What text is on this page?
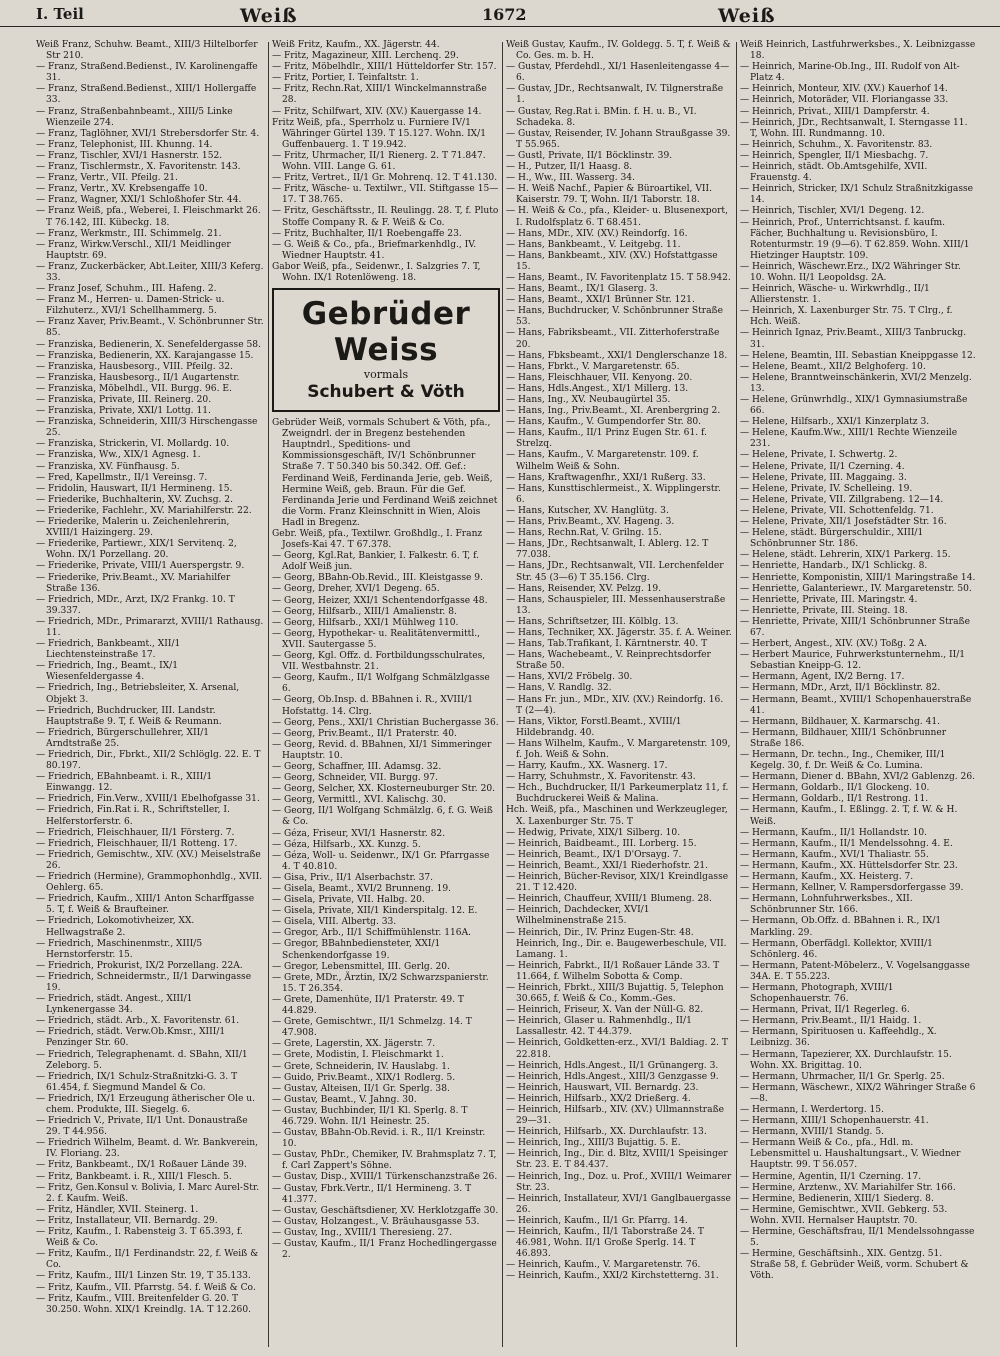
I. Teil	Weiß	1672	Weiß

Weiß Franz, Schuhw. Beamt., XIII/3 Hiltelborfer Str 210.

— Franz, Straßend.Bedienst., IV. Karolinengaffe 31.

— Franz, Straßend.Bedienst., XIII/1 Hollergaffe 33.

— Franz, Straßenbahnbeamt., XIII/5 Linke Wienzeile 274.

— Franz, Taglöhner, XVI/1 Strebersdorfer Str. 4.

— Franz, Telephonist, III. Khunng. 14.

— Franz, Tischler, XVI/1 Hasnerstr. 152.

— Franz, Tischlermstr., X. Favoritenstr. 143.

— Franz, Vertr., VII. Pfeilg. 21.

— Franz, Vertr., XV. Krebsengaffe 10.

— Franz, Wagner, XXI/1 Schloßhofer Str. 44.

— Franz Weiß, pfa., Weberei, I. Fleischmarkt 26. T 76.142, III. Kübeckg. 18.

— Franz, Werkmstr., III. Schimmelg. 21.

— Franz, Wirkw.Verschl., XII/1 Meidlinger Hauptstr. 69.

— Franz, Zuckerbäcker, Abt.Leiter, XIII/3 Keferg. 33.

— Franz Josef, Schuhm., III. Hafeng. 2.

— Franz M., Herren- u. Damen-Strick- u. Filzhuterz., XVI/1 Schellhammerg. 5.

— Franz Xaver, Priv.Beamt., V. Schönbrunner Str. 85.

— Franziska, Bedienerin, X. Senefeldergasse 58.

— Franziska, Bedienerin, XX. Karajangasse 15.

— Franziska, Hausbesorg., VIII. Pfeilg. 32.

— Franziska, Hausbesorg., II/1 Augartenstr.

— Franziska, Möbelhdl., VII. Burgg. 96. E.

— Franziska, Private, III. Reinerg. 20.

— Franziska, Private, XXI/1 Lottg. 11.

— Franziska, Schneiderin, XIII/3 Hirschengasse 25.

— Franziska, Strickerin, VI. Mollardg. 10.

— Franziska, Ww., XIX/1 Agnesg. 1.

— Franziska, XV. Fünfhausg. 5.

— Fred, Kapellmstr., II/1 Vereinsg. 7.

— Fridolin, Hauswart, II/1 Hermineng. 15.

— Friederike, Buchhalterin, XV. Zuchsg. 2.

— Friederike, Fachlehr., XV. Mariahilferstr. 22.

— Friederike, Malerin u. Zeichenlehrerin, XVIII/1 Haizingerg. 29.

— Friederike, Partiewr., XIX/1 Servitenq. 2, Wohn. IX/1 Porzellang. 20.

— Friederike, Private, VIII/1 Auerspergstr. 9.

— Friederike, Priv.Beamt., XV. Mariahilfer Straße 136.

— Friedrich, MDr., Arzt, IX/2 Frankg. 10. T 39.337.

— Friedrich, MDr., Primararzt, XVIII/1 Rathausg. 11.

— Friedrich, Bankbeamt., XII/1 Liechtensteinstraße 17.

— Friedrich, Ing., Beamt., IX/1 Wiesenfeldergasse 4.

— Friedrich, Ing., Betriebsleiter, X. Arsenal, Objekt 3.

— Friedrich, Buchdrucker, III. Landstr. Hauptstraße 9. T, f. Weiß & Reumann.

— Friedrich, Bürgerschullehrer, XII/1 Arndtstraße 25.

— Friedrich, Dir., Fbrkt., XII/2 Schlöglg. 22. E. T 80.197.

— Friedrich, EBahnbeamt. i. R., XIII/1 Einwangg. 12.

— Friedrich, Fin.Verw., XVIII/1 Ebelhofgasse 31.

— Friedrich, Fin.Rat i. R., Schriftsteller, I. Helferstorferstr. 6.

— Friedrich, Fleischhauer, II/1 Försterg. 7.

— Friedrich, Fleischhauer, II/1 Rotteng. 17.

— Friedrich, Gemischtw., XIV. (XV.) Meiselstraße 26.

— Friedrich (Hermine), Grammophonhdlg., XVII. Oehlerg. 65.

— Friedrich, Kaufm., XIII/1 Anton Scharffgasse 5. T, f. Weiß & Braufteiner.

— Friedrich, Lokomotivheizer, XX. Hellwagstraße 2.

— Friedrich, Maschinenmstr., XIII/5 Hernstorferstr. 15.

— Friedrich, Prokurist, IX/2 Porzellang. 22A.

— Friedrich, Schneidermstr., II/1 Darwingasse 19.

— Friedrich, städt. Angest., XIII/1 Lynkenergasse 34.

— Friedrich, städt. Arb., X. Favoritenstr. 61.

— Friedrich, städt. Verw.Ob.Kmsr., XIII/1 Penzinger Str. 60.

— Friedrich, Telegraphenamt. d. SBahn, XII/1 Zeleborg. 5.

— Friedrich, IX/1 Schulz-Straßnitzki-G. 3. T 61.454, f. Siegmund Mandel & Co.

— Friedrich, IX/1 Erzeugung ätherischer Ole u. chem. Produkte, III. Siegelg. 6.

— Friedrich V., Private, II/1 Unt. Donaustraße 29. T 44.956.

— Friedrich Wilhelm, Beamt. d. Wr. Bankverein, IV. Floriang. 23.

— Fritz, Bankbeamt., IX/1 Roßauer Lände 39.

— Fritz, Bankbeamt. i. R., XIII/1 Flesch. 5.

— Fritz, Gen.Konsul v. Bolivia, I. Marc Aurel-Str. 2. f. Kaufm. Weiß.

— Fritz, Händler, XVII. Steinerg. 1.

— Fritz, Installateur, VII. Bernardg. 29.

— Fritz, Kaufm., I. Rabensteig 3. T 65.393, f. Weiß & Co.

— Fritz, Kaufm., II/1 Ferdinandstr. 22, f. Weiß & Co.

— Fritz, Kaufm., III/1 Linzen Str. 19, T 35.133.

— Fritz, Kaufm., VII. Pfarrstg. 54. f. Weiß & Co.

— Fritz, Kaufm., VIII. Breitenfelder G. 20. T 30.250. Wohn. XIX/1 Kreindlg. 1A. T 12.260.

Weiß Fritz, Kaufm., XX. Jägerstr. 44.

— Fritz, Magazineur, XIII. Lerchenq. 29.

— Fritz, Möbelhdlr., XIII/1 Hütteldorfer Str. 157.

— Fritz, Portier, I. Teinfaltstr. 1.

— Fritz, Rechn.Rat, XIII/1 Winckelmannstraße 28.

— Fritz, Schilfwart, XIV. (XV.) Kauergasse 14.

Fritz Weiß, pfa., Sperrholz u. Furniere IV/1 Währinger Gürtel 139. T 15.127. Wohn. IX/1 Guffenbauerg. 1. T 19.942.

— Fritz, Uhrmacher, II/1 Rienerg. 2. T 71.847. Wohn. VIII. Lange G. 61.

— Fritz, Vertret., II/1 Gr. Mohrenq. 12. T 41.130.

— Fritz, Wäsche- u. Textilwr., VII. Stiftgasse 15—17. T 38.765.

— Fritz, Geschäftsstr., II. Reulingg. 28. T, f. Pluto Stoffe Company R. & F. Weiß & Co.

— Fritz, Buchhalter, II/1 Roebengaffe 23.

— G. Weiß & Co., pfa., Briefmarkenhdlg., IV. Wiedner Hauptstr. 41.

Gabor Weiß, pfa., Seidenwr., I. Salzgries 7. T, Wohn. IX/1 Rotenlöweng. 18.

Gebrüder Weiss
vormals
Schubert & Vöth

Gebrüder Weiß, vormals Schubert & Vöth, pfa., Zweigndrl. der in Bregenz bestehenden Hauptndrl., Speditions- und Kommissionsgeschäft, IV/1 Schönbrunner Straße 7. T 50.340 bis 50.342. Off. Gef.: Ferdinand Weiß, Ferdinanda Jerie, geb. Weiß, Hermine Weiß, geb. Braun. Für die Gef. Ferdinanda Jerie und Ferdinand Weiß zeichnet die Vorm. Franz Kleinschnitt in Wien, Alois Hadl in Bregenz.

Gebr. Weiß, pfa., Textilwr. Großhdlg., I. Franz Josefs-Kai 47. T 67.378.

— Georg, Kgl.Rat, Bankier, I. Falkestr. 6. T, f. Adolf Weiß jun.

— Georg, BBahn-Ob.Revid., III. Kleistgasse 9.

— Georg, Dreher, XVI/1 Degeng. 65.

— Georg, Heizer, XXI/1 Schentendorfgasse 48.

— Georg, Hilfsarb., XIII/1 Amalienstr. 8.

— Georg, Hilfsarb., XXI/1 Mühlweg 110.

— Georg, Hypothekar- u. Realitätenvermittl., XVII. Sautergasse 5.

— Georg, Kgl. Offz. d. Fortbildungsschulrates, VII. Westbahnstr. 21.

— Georg, Kaufm., II/1 Wolfgang Schmälzlgasse 6.

— Georg, Ob.Insp. d. BBahnen i. R., XVIII/1 Hofstattg. 14. Clrg.

— Georg, Pens., XXI/1 Christian Buchergasse 36.

— Georg, Priv.Beamt., II/1 Praterstr. 40.

— Georg, Revid. d. BBahnen, XI/1 Simmeringer Hauptstr. 10.

— Georg, Schaffner, III. Adamsg. 32.

— Georg, Schneider, VII. Burgg. 97.

— Georg, Selcher, XX. Klosterneuburger Str. 20.

— Georg, Vermittl., XVI. Kalischg. 30.

— Georg, II/1 Wolfgang Schmälzlg. 6, f. G. Weiß & Co.

— Géza, Friseur, XVI/1 Hasnerstr. 82.

— Géza, Hilfsarb., XX. Kunzg. 5.

— Géza, Woll- u. Seidenwr., IX/1 Gr. Pfarrgasse 4. T 40.810.

— Gisa, Priv., II/1 Alserbachstr. 37.

— Gisela, Beamt., XVI/2 Brunneng. 19.

— Gisela, Private, VII. Halbg. 20.

— Gisela, Private, XII/1 Kinderspitalg. 12. E.

— Gisela, VIII. Albertg. 33.

— Gregor, Arb., II/1 Schiffmühlenstr. 116A.

— Gregor, BBahnbediensteter, XXI/1 Schenkendorfgasse 19.

— Gregor, Lebensmittel, III. Gerlg. 20.

— Grete, MDr., Ärztin, IX/2 Schwarzspanierstr. 15. T 26.354.

— Grete, Damenhüte, II/1 Praterstr. 49. T 44.829.

— Grete, Gemischtwr., II/1 Schmelzg. 14. T 47.908.

— Grete, Lagerstin, XX. Jägerstr. 7.

— Grete, Modistin, I. Fleischmarkt 1.

— Grete, Schneiderin, IV. Hauslabg. 1.

— Guido, Priv.Beamt., XIX/1 Rodlerg. 5.

— Gustav, Alteisen, II/1 Gr. Sperlg. 38.

— Gustav, Beamt., V. Jahng. 30.

— Gustav, Buchbinder, II/1 Kl. Sperlg. 8. T 46.729. Wohn. II/1 Heinestr. 25.

— Gustav, BBahn-Ob.Revid. i. R., II/1 Kreinstr. 10.

— Gustav, PhDr., Chemiker, IV. Brahmsplatz 7. T, f. Carl Zappert's Söhne.

— Gustav, Disp., XVIII/1 Türkenschanzstraße 26.

— Gustav, Fbrk.Vertr., II/1 Hermineng. 3. T 41.377.

— Gustav, Geschäftsdiener, XV. Herklotzgaffe 30.

— Gustav, Holzangest., V. Bräuhausgasse 53.

— Gustav, Ing., XVIII/1 Theresieng. 27.

— Gustav, Kaufm., II/1 Franz Hochedlingergasse 2.

Weiß Gustav, Kaufm., IV. Goldegg. 5. T, f. Weiß & Co. Ges. m. b. H.

— Gustav, Pferdehdl., XI/1 Hasenleitengasse 4—6.

— Gustav, JDr., Rechtsanwalt, IV. Tilgnerstraße 1.

— Gustav, Reg.Rat i. BMin. f. H. u. B., VI. Schadeka. 8.

— Gustav, Reisender, IV. Johann Straußgasse 39. T 55.965.

— Gustl, Private, II/1 Böcklinstr. 39.

— H., Putzer, II/1 Haasg. 8.

— H., Ww., III. Wasserg. 34.

— H. Weiß Nachf., Papier & Büroartikel, VII. Kaiserstr. 79. T, Wohn. II/1 Taborstr. 18.

— H. Weiß & Co., pfa., Kleider- u. Blusenexport, I. Rudolfsplatz 6. T 68.451.

— Hans, MDr., XIV. (XV.) Reindorfg. 16.

— Hans, Bankbeamt., V. Leitgebg. 11.

— Hans, Bankbeamt., XIV. (XV.) Hofstattgasse 15.

— Hans, Beamt., IV. Favoritenplatz 15. T 58.942.

— Hans, Beamt., IX/1 Glaserg. 3.

— Hans, Beamt., XXI/1 Brünner Str. 121.

— Hans, Buchdrucker, V. Schönbrunner Straße 53.

— Hans, Fabriksbeamt., VII. Zitterhoferstraße 20.

— Hans, Fbksbeamt., XXI/1 Denglerschanze 18.

— Hans, Fbrkt., V. Margaretenstr. 65.

— Hans, Fleischhauer, VII. Kenyong. 20.

— Hans, Hdls.Angest., XI/1 Millerg. 13.

— Hans, Ing., XV. Neubaugürtel 35.

— Hans, Ing., Priv.Beamt., XI. Arenbergring 2.

— Hans, Kaufm., V. Gumpendorfer Str. 80.

— Hans, Kaufm., II/1 Prinz Eugen Str. 61. f. Strelzq.

— Hans, Kaufm., V. Margaretenstr. 109. f. Wilhelm Weiß & Sohn.

— Hans, Kraftwagenfhr., XXI/1 Rußerg. 33.

— Hans, Kunsttischlermeist., X. Wipplingerstr. 6.

— Hans, Kutscher, XV. Hanglütg. 3.

— Hans, Priv.Beamt., XV. Hageng. 3.

— Hans, Rechn.Rat, V. Grilng. 15.

— Hans, JDr., Rechtsanwalt, I. Ablerg. 12. T 77.038.

— Hans, JDr., Rechtsanwalt, VII. Lerchenfelder Str. 45 (3—6) T 35.156. Clrg.

— Hans, Reisender, XV. Pelzg. 19.

— Hans, Schauspieler, III. Messenhauserstraße 13.

— Hans, Schriftsetzer, III. Kölblg. 13.

— Hans, Techniker, XX. Jägerstr. 35. f. A. Weiner.

— Hans, Tab.Trafikant, I. Kärntnerstr. 40. T

— Hans, Wachebeamt., V. Reinprechtsdorfer Straße 50.

— Hans, XVI/2 Fröbelg. 30.

— Hans, V. Randlg. 32.

— Hans Fr. jun., MDr., XIV. (XV.) Reindorfg. 16. T (2—4).

— Hans, Viktor, Forstl.Beamt., XVIII/1 Hildebrandg. 40.

— Hans Wilhelm, Kaufm., V. Margaretenstr. 109, f. Joh. Weiß & Sohn.

— Harry, Kaufm., XX. Wasnerg. 17.

— Harry, Schuhmstr., X. Favoritenstr. 43.

— Hch., Buchdrucker, II/1 Parkeumerplatz 11, f. Buchdruckerei Weiß & Malina.

Hch. Weiß, pfa., Maschinen und Werkzeugleger, X. Laxenburger Str. 75. T

— Hedwig, Private, XIX/1 Silberg. 10.

— Heinrich, Baidbeamt., III. Lorberg. 15.

— Heinrich, Beamt., IX/1 D'Orsayg. 7.

— Heinrich, Beamt., XXI/1 Riederhofstr. 21.

— Heinrich, Bücher-Revisor, XIX/1 Kreindlgasse 21. T 12.420.

— Heinrich, Chauffeur, XVIII/1 Blumeng. 28.

— Heinrich, Dachdecker, XVI/1 Wilhelminenstraße 215.

— Heinrich, Dir., IV. Prinz Eugen-Str. 48. Heinrich, Ing., Dir. e. Baugewerbeschule, VII. Lamang. 1.

— Heinrich, Fabrkt., II/1 Roßauer Lände 33. T 11.664, f. Wilhelm Sobotta & Comp.

— Heinrich, Fbrkt., XIII/3 Bujattig. 5, Telephon 30.665, f. Weiß & Co., Komm.-Ges.

— Heinrich, Friseur, X. Van der Nüll-G. 82.

— Heinrich, Glaser u. Rahmenhdlg., II/1 Lassallestr. 42. T 44.379.

— Heinrich, Goldketten-erz., XVI/1 Baldiag. 2. T 22.818.

— Heinrich, Hdls.Angest., II/1 Grünangerg. 3.

— Heinrich, Hdls.Angest., XIII/3 Genzgasse 9.

— Heinrich, Hauswart, VII. Bernardg. 23.

— Heinrich, Hilfsarb., XX/2 Drießerg. 4.

— Heinrich, Hilfsarb., XIV. (XV.) Ullmannstraße 29—31.

— Heinrich, Hilfsarb., XX. Durchlaufstr. 13.

— Heinrich, Ing., XIII/3 Bujattig. 5. E.

— Heinrich, Ing., Dir. d. Bltz, XVIII/1 Speisinger Str. 23. E. T 84.437.

— Heinrich, Ing., Doz. u. Prof., XVIII/1 Weimarer Str. 23.

— Heinrich, Installateur, XVI/1 Ganglbauergasse 26.

— Heinrich, Kaufm., II/1 Gr. Pfarrg. 14.

— Heinrich, Kaufm., II/1 Taborstraße 24. T 46.981, Wohn. II/1 Große Sperlg. 14. T 46.893.

— Heinrich, Kaufm., V. Margaretenstr. 76.

— Heinrich, Kaufm., XXI/2 Kirchstetterng. 31.

Weiß Heinrich, Lastfuhrwerksbes., X. Leibnizgasse 18.

— Heinrich, Marine-Ob.Ing., III. Rudolf von Alt-Platz 4.

— Heinrich, Monteur, XIV. (XV.) Kauerhof 14.

— Heinrich, Motoräder, VII. Floriangasse 33.

— Heinrich, Privat., XIII/1 Dampferstr. 4.

— Heinrich, JDr., Rechtsanwalt, I. Sterngasse 11. T, Wohn. III. Rundmanng. 10.

— Heinrich, Schuhm., X. Favoritenstr. 83.

— Heinrich, Spengler, II/1 Miesbachg. 7.

— Heinrich, städt. Ob.Amtsgehilfe, XVII. Frauenstg. 4.

— Heinrich, Stricker, IX/1 Schulz Straßnitzkigasse 14.

— Heinrich, Tischler, XVI/1 Degeng. 12.

— Heinrich, Prof., Unterrichtsanst. f. kaufm. Fächer, Buchhaltung u. Revisionsbüro, I. Rotenturmstr. 19 (9—6). T 62.859. Wohn. XIII/1 Hietzinger Hauptstr. 109.

— Heinrich, Wäschewr.Erz., IX/2 Währinger Str. 10. Wohn. II/1 Leopoldsg. 2A.

— Heinrich, Wäsche- u. Wirkwrhdlg., II/1 Allierstenstr. 1.

— Heinrich, X. Laxenburger Str. 75. T Clrg., f. Hch. Weiß.

— Heinrich Ignaz, Priv.Beamt., XIII/3 Tanbruckg. 31.

— Helene, Beamtin, III. Sebastian Kneippgasse 12.

— Helene, Beamt., XII/2 Belghoferg. 10.

— Helene, Branntweinschänkerin, XVI/2 Menzelg. 13.

— Helene, Grünwrhdlg., XIX/1 Gymnasiumstraße 66.

— Helene, Hilfsarb., XXI/1 Kinzerplatz 3.

— Helene, Kaufm.Ww., XIII/1 Rechte Wienzeile 231.

— Helene, Private, I. Schwertg. 2.

— Helene, Private, II/1 Czerning. 4.

— Helene, Private, III. Maggaing. 3.

— Helene, Private, IV. Schelleing. 19.

— Helene, Private, VII. Zillgrabeng. 12—14.

— Helene, Private, VII. Schottenfeldg. 71.

— Helene, Private, XII/1 Josefstädter Str. 16.

— Helene, städt. Bürgerschuldir., XIII/1 Schönbrunner Str. 186.

— Helene, städt. Lehrerin, XIX/1 Parkerg. 15.

— Henriette, Handarb., IX/1 Schlickg. 8.

— Henriette, Komponistin, XIII/1 Maringstraße 14.

— Henriette, Galanteriewr., IV. Margaretenstr. 50.

— Henriette, Private, III. Maringstr. 4.

— Henriette, Private, III. Steing. 18.

— Henriette, Private, XIII/1 Schönbrunner Straße 67.

— Herbert, Angest., XIV. (XV.) Toßg. 2 A.

— Herbert Maurice, Fuhrwerkstunternehm., II/1 Sebastian Kneipp-G. 12.

— Hermann, Agent, IX/2 Berng. 17.

— Hermann, MDr., Arzt, II/1 Böcklinstr. 82.

— Hermann, Beamt., XVIII/1 Schopenhauerstraße 41.

— Hermann, Bildhauer, X. Karmarschg. 41.

— Hermann, Bildhauer, XIII/1 Schönbrunner Straße 186.

— Hermann, Dr. techn., Ing., Chemiker, III/1 Kegelg. 30, f. Dr. Weiß & Co. Lumina.

— Hermann, Diener d. BBahn, XVI/2 Gablenzg. 26.

— Hermann, Goldarb., II/1 Glockeng. 10.

— Hermann, Goldarb., II/1 Restrong. 11.

— Hermann, Kaufm., I. Eßlingg. 2. T, f. W. & H. Weiß.

— Hermann, Kaufm., II/1 Hollandstr. 10.

— Hermann, Kaufm., II/1 Mendelssohng. 4. E.

— Hermann, Kaufm., XVI/1 Thaliastr. 55.

— Hermann, Kaufm., XX. Hüttelsdorfer Str. 23.

— Hermann, Kaufm., XX. Heisterg. 7.

— Hermann, Kellner, V. Rampersdorfergasse 39.

— Hermann, Lohnfuhrwerksbes., XII. Schönbrunner Str. 166.

— Hermann, Ob.Offz. d. BBahnen i. R., IX/1 Markling. 29.

— Hermann, Oberfädgl. Kollektor, XVIII/1 Schönlerg. 46.

— Hermann, Patent-Möbelerz., V. Vogelsanggasse 34A. E. T 55.223.

— Hermann, Photograph, XVIII/1 Schopenhauerstr. 76.

— Hermann, Privat, II/1 Regerleg. 6.

— Hermann, Priv.Beamt., II/1 Haidg. 1.

— Hermann, Spirituosen u. Kaffeehdlg., X. Leibnizg. 36.

— Hermann, Tapezierer, XX. Durchlaufstr. 15. Wohn. XX. Brigittag. 10.

— Hermann, Uhrmacher, II/1 Gr. Sperlg. 25.

— Hermann, Wäschewr., XIX/2 Währinger Straße 6—8.

— Hermann, I. Werdertorg. 15.

— Hermann, XIII/1 Schopenhauerstr. 41.

— Hermann, XVIII/1 Standg. 5.

— Hermann Weiß & Co., pfa., Hdl. m. Lebensmittel u. Haushaltungsart., V. Wiedner Hauptstr. 99. T 56.057.

— Hermine, Agentin, II/1 Czerning. 17.

— Hermine, Arztenw., XV. Mariahilfer Str. 166.

— Hermine, Bedienerin, XIII/1 Siederg. 8.

— Hermine, Gemischtwr., XVII. Gebkerg. 53. Wohn. XVII. Hernalser Hauptstr. 70.

— Hermine, Geschäftsfrau, II/1 Mendelssohngasse 5.

— Hermine, Geschäftsinh., XIX. Gentzg. 51. Straße 58, f. Gebrüder Weiß, vorm. Schubert & Vöth.
